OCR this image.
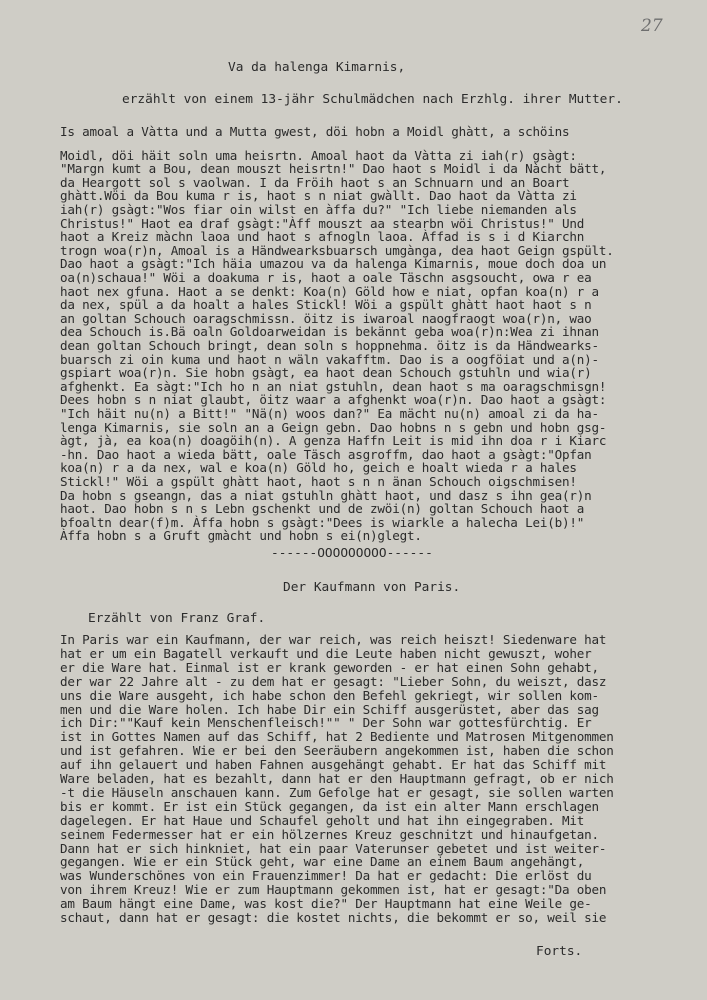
27
Va da halenga Kimarnis,
erzählt von einem 13-jähr Schulmädchen nach Erzhlg. ihrer Mutter.
Is amoal a Vàtta und a Mutta gwest, döi hobn a Moidl ghàtt, a schöins
Moidl, döi häit soln uma heisrtn. Amoal haot da Vàtta zi iah(r) gsàgt:
"Margn kumt a Bou, dean mouszt heisrtn!" Dao haot s Moidl i da Nàcht bätt,
da Heargott sol s vaolwan. I da Fröih haot s an Schnuarn und an Boart
ghàtt.Wöi da Bou kuma r is, haot s n niat gwàllt. Dao haot da Vàtta zi
iah(r) gsàgt:"Wos fiar oin wilst en àffa du?" "Ich liebe niemanden als
Christus!" Haot ea draf gsàgt:"Àff mouszt aa stearbn wöi Christus!" Und
haot a Kreiz màchn laoa und haot s afnogln laoa. Àffad is s i d Kiarchn
trogn woa(r)n, Amoal is a Händwearksbuarsch umgànga, dea haot Geign gspült.
Dao haot a gsàgt:"Ich häia umazou va da halenga Kimarnis, moue doch doa un
oa(n)schaua!" Wöi a doakuma r is, haot a oale Täschn asgsoucht, owa r ea
haot nex gfuna. Haot a se denkt: Koa(n) Göld how e niat, opfan koa(n) r a
da nex, spül a da hoalt a hales Stickl! Wöi a gspült ghàtt haot haot s n
an goltan Schouch oaragschmissn. öitz is iwaroal naogfraogt woa(r)n, wao
dea Schouch is.Bä oaln Goldoarweidan is bekännt geba woa(r)n:Wea zi ihnan
dean goltan Schouch bringt, dean soln s hoppnehma. öitz is da Händwearks-
buarsch zi oin kuma und haot n wäln vakafftm. Dao is a oogföiat und a(n)-
gspiart woa(r)n. Sie hobn gsàgt, ea haot dean Schouch gstuhln und wia(r)
afghenkt. Ea sàgt:"Ich ho n an niat gstuhln, dean haot s ma oaragschmisgn!
Dees hobn s n niat glaubt, öitz waar a afghenkt woa(r)n. Dao haot a gsàgt:
"Ich häit nu(n) a Bitt!" "Nä(n) woos dan?" Ea mächt nu(n) amoal zi da ha-
lenga Kimarnis, sie soln an a Geign gebn. Dao hobns n s gebn und hobn gsg-
àgt, jà, ea koa(n) doagöih(n). A genza Haffn Leit is mid ihn doa r i Kiarc
-hn. Dao haot a wieda bätt, oale Täsch asgroffm, dao haot a gsàgt:"Opfan
koa(n) r a da nex, wal e koa(n) Göld ho, geich e hoalt wieda r a hales
Stickl!" Wöi a gspült ghàtt haot, haot s n n änan Schouch oigschmisen!
Da hobn s gseangn, das a niat gstuhln ghàtt haot, und dasz s ihn gea(r)n
haot. Dao hobn s n s Lebn gschenkt und de zwöi(n) goltan Schouch haot a
bfoaltn dear(f)m. Àffa hobn s gsàgt:"Dees is wiarkle a halecha Lei(b)!"
Àffa hobn s a Gruft gmàcht und hobn s ei(n)glegt.
------OOOOOOOOO------
Der Kaufmann von Paris.
Erzählt von Franz Graf.
In Paris war ein Kaufmann, der war reich, was reich heiszt! Siedenware hat
hat er um ein Bagatell verkauft und die Leute haben nicht gewuszt, woher
er die Ware hat. Einmal ist er krank geworden - er hat einen Sohn gehabt,
der war 22 Jahre alt - zu dem hat er gesagt: "Lieber Sohn, du weiszt, dasz
uns die Ware ausgeht, ich habe schon den Befehl gekriegt, wir sollen kom-
men und die Ware holen. Ich habe Dir ein Schiff ausgerüstet, aber das sag
ich Dir:""Kauf kein Menschenfleisch!"" " Der Sohn war gottesfürchtig. Er
ist in Gottes Namen auf das Schiff, hat 2 Bediente und Matrosen Mitgenommen
und ist gefahren. Wie er bei den Seeräubern angekommen ist, haben die schon
auf ihn gelauert und haben Fahnen ausgehängt gehabt. Er hat das Schiff mit
Ware beladen, hat es bezahlt, dann hat er den Hauptmann gefragt, ob er nich
-t die Häuseln anschauen kann. Zum Gefolge hat er gesagt, sie sollen warten
bis er kommt. Er ist ein Stück gegangen, da ist ein alter Mann erschlagen
dagelegen. Er hat Haue und Schaufel geholt und hat ihn eingegraben. Mit
seinem Federmesser hat er ein hölzernes Kreuz geschnitzt und hinaufgetan.
Dann hat er sich hinkniet, hat ein paar Vaterunser gebetet und ist weiter-
gegangen. Wie er ein Stück geht, war eine Dame an einem Baum angehängt,
was Wunderschönes von ein Frauenzimmer! Da hat er gedacht: Die erlöst du
von ihrem Kreuz! Wie er zum Hauptmann gekommen ist, hat er gesagt:"Da oben
am Baum hängt eine Dame, was kost die?" Der Hauptmann hat eine Weile ge-
schaut, dann hat er gesagt: die kostet nichts, die bekommt er so, weil sie
Forts.
